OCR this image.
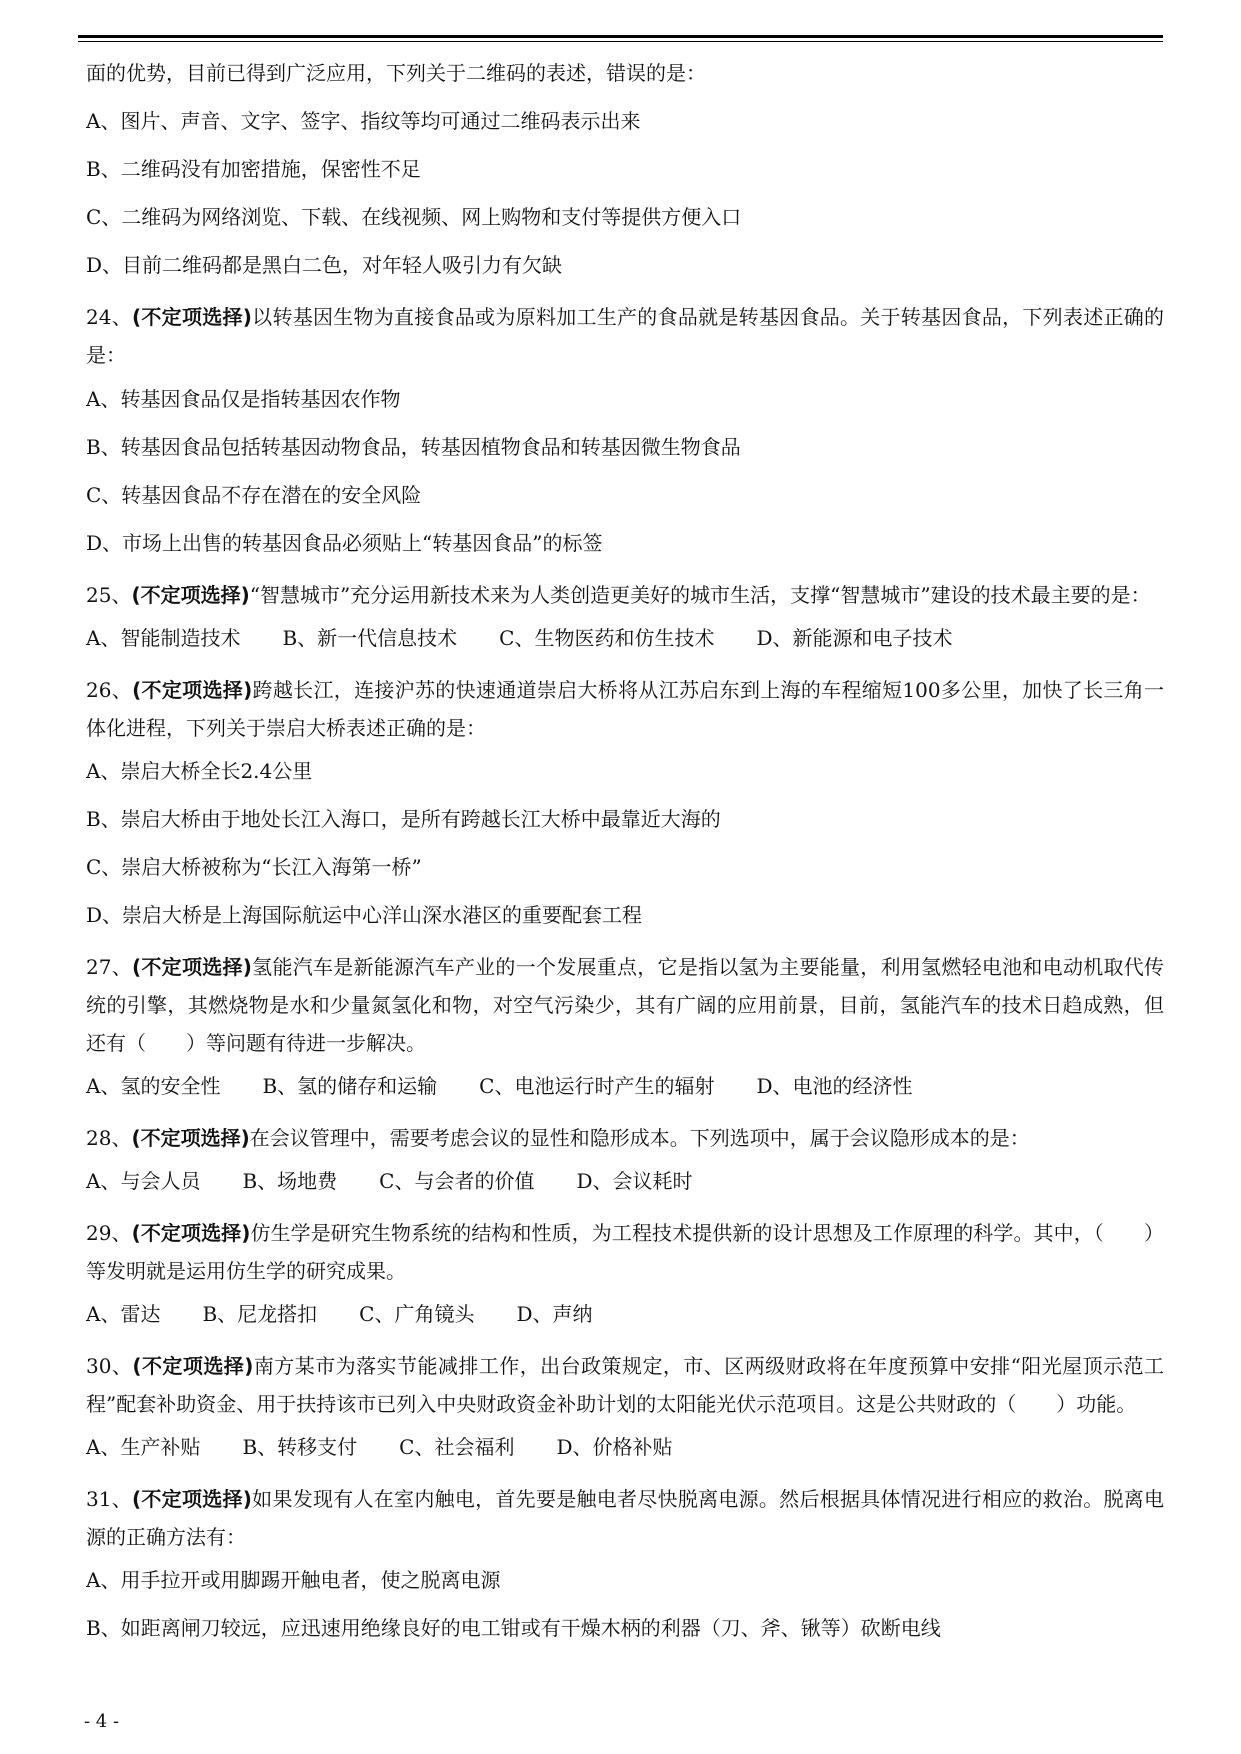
面的优势，目前已得到广泛应用，下列关于二维码的表述，错误的是：
A、图片、声音、文字、签字、指纹等均可通过二维码表示出来
B、二维码没有加密措施，保密性不足
C、二维码为网络浏览、下载、在线视频、网上购物和支付等提供方便入口
D、目前二维码都是黑白二色，对年轻人吸引力有欠缺
24、(不定项选择)以转基因生物为直接食品或为原料加工生产的食品就是转基因食品。关于转基因食品，下列表述正确的是：
A、转基因食品仅是指转基因农作物
B、转基因食品包括转基因动物食品，转基因植物食品和转基因微生物食品
C、转基因食品不存在潜在的安全风险
D、市场上出售的转基因食品必须贴上“转基因食品”的标签
25、(不定项选择)“智慧城市”充分运用新技术来为人类创造更美好的城市生活，支撑“智慧城市”建设的技术最主要的是：
A、智能制造技术 B、新一代信息技术 C、生物医药和仿生技术 D、新能源和电子技术
26、(不定项选择)跨越长江，连接沪苏的快速通道崇启大桥将从江苏启东到上海的车程缩短100多公里，加快了长三角一体化进程，下列关于崇启大桥表述正确的是：
A、崇启大桥全长2.4公里
B、崇启大桥由于地处长江入海口，是所有跨越长江大桥中最靠近大海的
C、崇启大桥被称为“长江入海第一桥”
D、崇启大桥是上海国际航运中心洋山深水港区的重要配套工程
27、(不定项选择)氢能汽车是新能源汽车产业的一个发展重点，它是指以氢为主要能量，利用氢燃轻电池和电动机取代传统的引擎，其燃烧物是水和少量氮氢化和物，对空气污染少，其有广阔的应用前景，目前，氢能汽车的技术日趋成熟，但还有（　　）等问题有待进一步解决。
A、氢的安全性 B、氢的储存和运输 C、电池运行时产生的辐射 D、电池的经济性
28、(不定项选择)在会议管理中，需要考虑会议的显性和隐形成本。下列选项中，属于会议隐形成本的是：
A、与会人员 B、场地费 C、与会者的价值 D、会议耗时
29、(不定项选择)仿生学是研究生物系统的结构和性质，为工程技术提供新的设计思想及工作原理的科学。其中，（　　）等发明就是运用仿生学的研究成果。
A、雷达 B、尼龙搭扣 C、广角镜头 D、声纳
30、(不定项选择)南方某市为落实节能减排工作，出台政策规定，市、区两级财政将在年度预算中安排“阳光屋顶示范工程”配套补助资金、用于扶持该市已列入中央财政资金补助计划的太阳能光伏示范项目。这是公共财政的（　　）功能。
A、生产补贴 B、转移支付 C、社会福利 D、价格补贴
31、(不定项选择)如果发现有人在室内触电，首先要是触电者尽快脱离电源。然后根据具体情况进行相应的救治。脱离电源的正确方法有：
A、用手拉开或用脚踢开触电者，使之脱离电源
B、如距离闸刀较远，应迅速用绝缘良好的电工钳或有干燥木柄的利器（刀、斧、锹等）砍断电线
- 4 -
